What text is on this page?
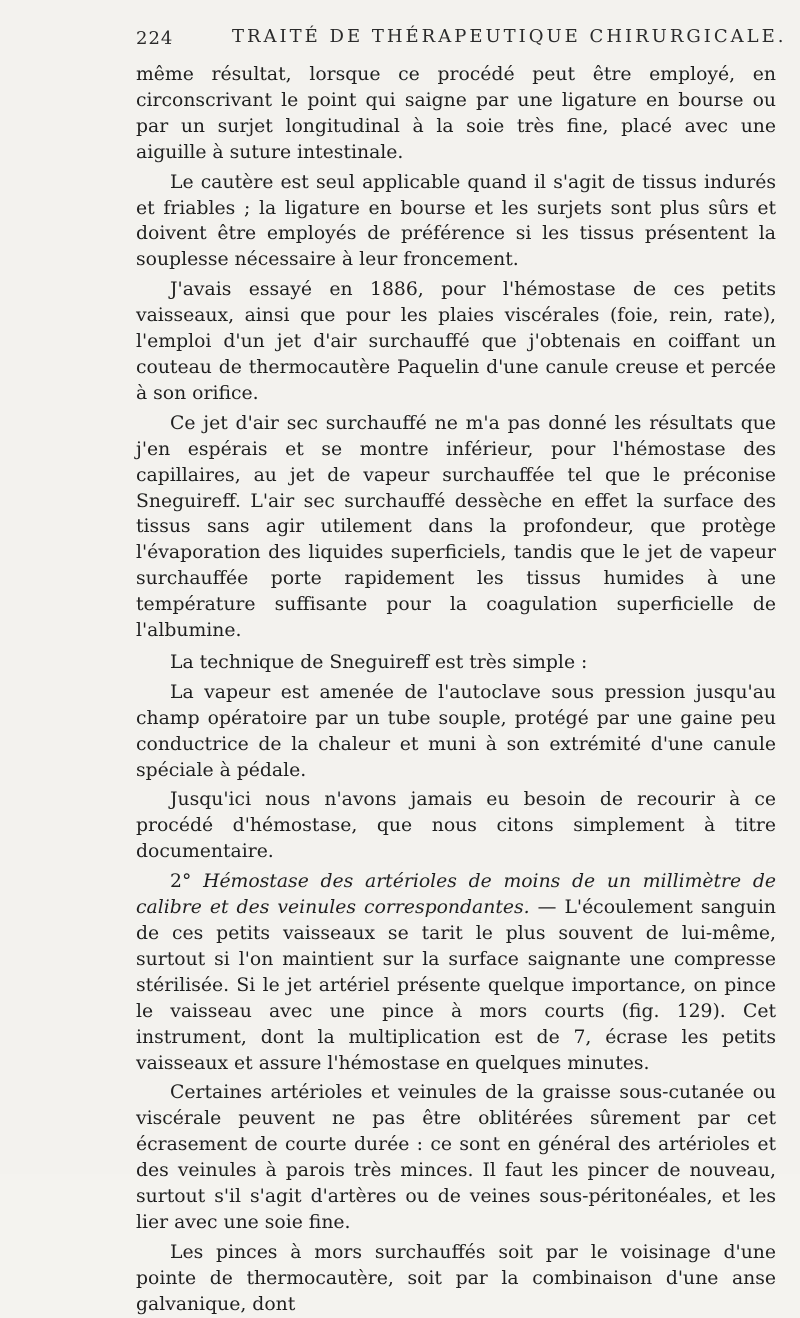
224	TRAITÉ DE THÉRAPEUTIQUE CHIRURGICALE.

même résultat, lorsque ce procédé peut être employé, en circonscrivant le point qui saigne par une ligature en bourse ou par un surjet longitudinal à la soie très fine, placé avec une aiguille à suture intestinale.

Le cautère est seul applicable quand il s'agit de tissus indurés et friables ; la ligature en bourse et les surjets sont plus sûrs et doivent être employés de préférence si les tissus présentent la souplesse nécessaire à leur froncement.

J'avais essayé en 1886, pour l'hémostase de ces petits vaisseaux, ainsi que pour les plaies viscérales (foie, rein, rate), l'emploi d'un jet d'air surchauffé que j'obtenais en coiffant un couteau de thermocautère Paquelin d'une canule creuse et percée à son orifice.

Ce jet d'air sec surchauffé ne m'a pas donné les résultats que j'en espérais et se montre inférieur, pour l'hémostase des capillaires, au jet de vapeur surchauffée tel que le préconise Sneguireff. L'air sec surchauffé dessèche en effet la surface des tissus sans agir utilement dans la profondeur, que protège l'évaporation des liquides superficiels, tandis que le jet de vapeur surchauffée porte rapidement les tissus humides à une température suffisante pour la coagulation superficielle de l'albumine.

La technique de Sneguireff est très simple :

La vapeur est amenée de l'autoclave sous pression jusqu'au champ opératoire par un tube souple, protégé par une gaine peu conductrice de la chaleur et muni à son extrémité d'une canule spéciale à pédale.

Jusqu'ici nous n'avons jamais eu besoin de recourir à ce procédé d'hémostase, que nous citons simplement à titre documentaire.

2° Hémostase des artérioles de moins de un millimètre de calibre et des veinules correspondantes. — L'écoulement sanguin de ces petits vaisseaux se tarit le plus souvent de lui-même, surtout si l'on maintient sur la surface saignante une compresse stérilisée. Si le jet artériel présente quelque importance, on pince le vaisseau avec une pince à mors courts (fig. 129). Cet instrument, dont la multiplication est de 7, écrase les petits vaisseaux et assure l'hémostase en quelques minutes.

Certaines artérioles et veinules de la graisse sous-cutanée ou viscérale peuvent ne pas être oblitérées sûrement par cet écrasement de courte durée : ce sont en général des artérioles et des veinules à parois très minces. Il faut les pincer de nouveau, surtout s'il s'agit d'artères ou de veines sous-péritonéales, et les lier avec une soie fine.

Les pinces à mors surchauffés soit par le voisinage d'une pointe de thermocautère, soit par la combinaison d'une anse galvanique, dont
